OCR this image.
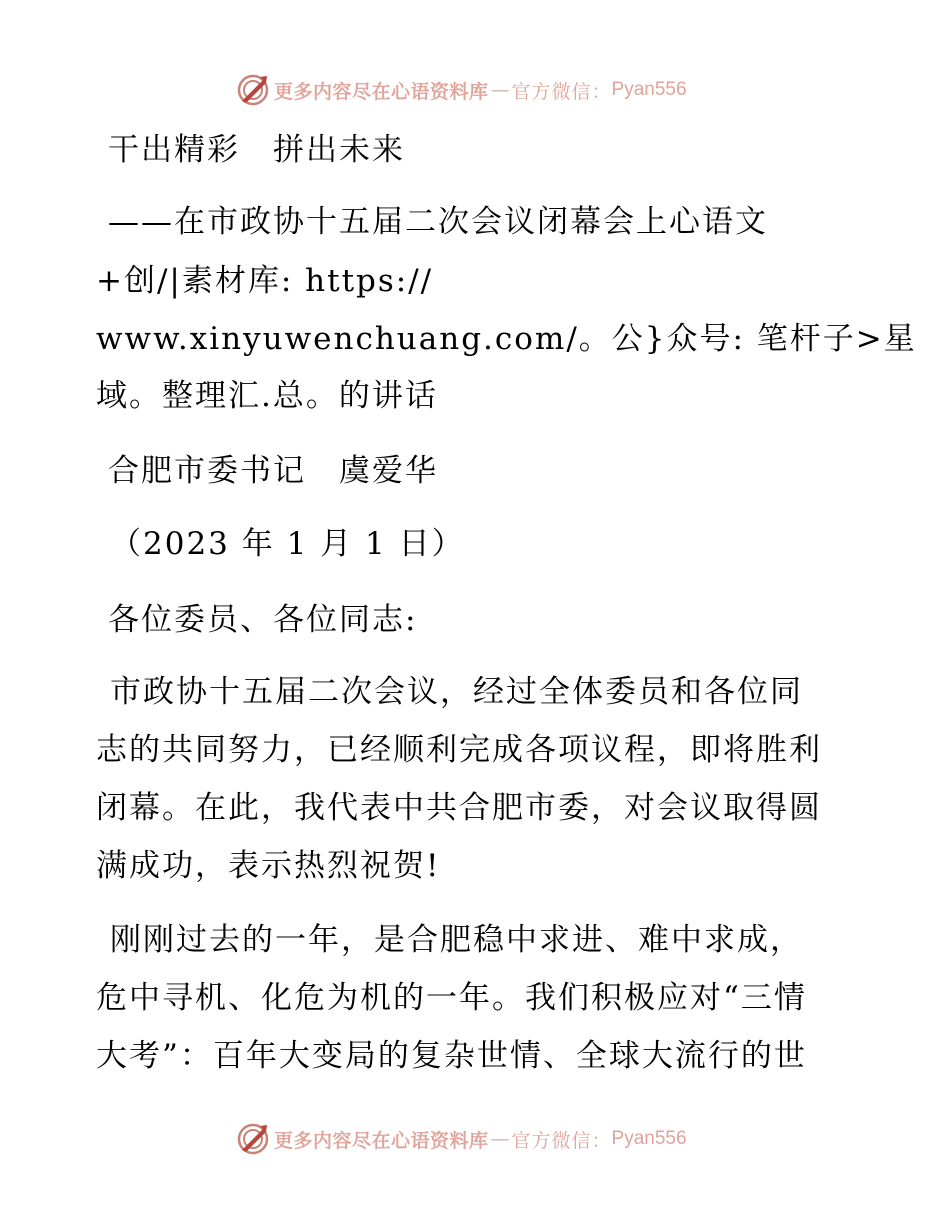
更多内容尽在心语资料库 — 官方微信： Pyan556
干出精彩　拼出未来
——在市政协十五届二次会议闭幕会上心语文
+创/|素材库: https://
www.xinyuwenchuang.com/。公}众号: 笔杆子>星
域。整理汇.总。的讲话
合肥市委书记　虞爱华
（2023 年 1 月 1 日）
各位委员、各位同志:
市政协十五届二次会议，经过全体委员和各位同
志的共同努力，已经顺利完成各项议程，即将胜利
闭幕。在此，我代表中共合肥市委，对会议取得圆
满成功，表示热烈祝贺!
刚刚过去的一年，是合肥稳中求进、难中求成，
危中寻机、化危为机的一年。我们积极应对“三情
大考”：百年大变局的复杂世情、全球大流行的世
更多内容尽在心语资料库 — 官方微信： Pyan556
